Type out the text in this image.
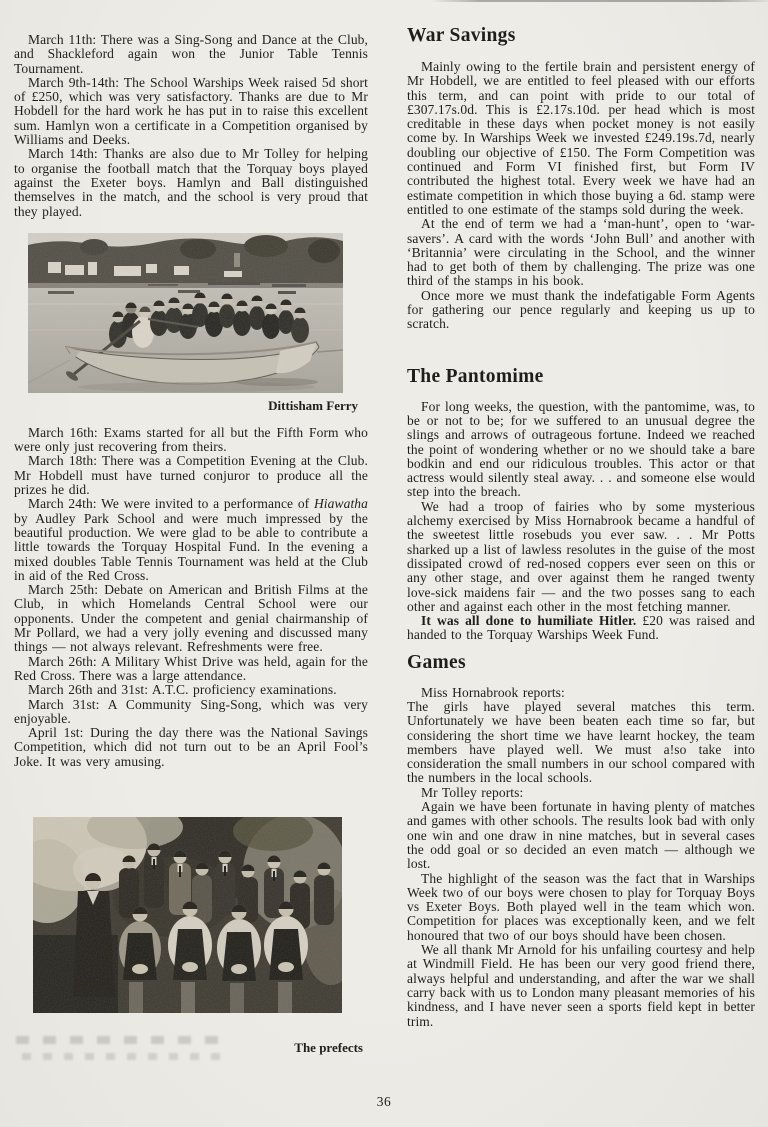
March 11th: There was a Sing-Song and Dance at the Club, and Shackleford again won the Junior Table Tennis Tournament.

March 9th-14th: The School Warships Week raised 5d short of £250, which was very satisfactory. Thanks are due to Mr Hobdell for the hard work he has put in to raise this excellent sum. Hamlyn won a certificate in a Competition organised by Williams and Deeks.

March 14th: Thanks are also due to Mr Tolley for helping to organise the football match that the Torquay boys played against the Exeter boys. Hamlyn and Ball distinguished themselves in the match, and the school is very proud that they played.

Dittisham Ferry

March 16th: Exams started for all but the Fifth Form who were only just recovering from theirs.

March 18th: There was a Competition Evening at the Club. Mr Hobdell must have turned conjuror to produce all the prizes he did.

March 24th: We were invited to a performance of Hiawatha by Audley Park School and were much impressed by the beautiful production. We were glad to be able to contribute a little towards the Torquay Hospital Fund. In the evening a mixed doubles Table Tennis Tournament was held at the Club in aid of the Red Cross.

March 25th: Debate on American and British Films at the Club, in which Homelands Central School were our opponents. Under the competent and genial chairmanship of Mr Pollard, we had a very jolly evening and discussed many things — not always relevant. Refreshments were free.

March 26th: A Military Whist Drive was held, again for the Red Cross. There was a large attendance.

March 26th and 31st: A.T.C. proficiency examinations.

March 31st: A Community Sing-Song, which was very enjoyable.

April 1st: During the day there was the National Savings Competition, which did not turn out to be an April Fool’s Joke. It was very amusing.

The prefects
War Savings

Mainly owing to the fertile brain and persistent energy of Mr Hobdell, we are entitled to feel pleased with our efforts this term, and can point with pride to our total of £307.17s.0d. This is £2.17s.10d. per head which is most creditable in these days when pocket money is not easily come by. In Warships Week we invested £249.19s.7d, nearly doubling our objective of £150. The Form Competition was continued and Form VI finished first, but Form IV contributed the highest total. Every week we have had an estimate competition in which those buying a 6d. stamp were entitled to one estimate of the stamps sold during the week.

At the end of term we had a ‘man-hunt’, open to ‘war-savers’. A card with the words ‘John Bull’ and another with ‘Britannia’ were circulating in the School, and the winner had to get both of them by challenging. The prize was one third of the stamps in his book.

Once more we must thank the indefatigable Form Agents for gathering our pence regularly and keeping us up to scratch.

The Pantomime

For long weeks, the question, with the pantomime, was, to be or not to be; for we suffered to an unusual degree the slings and arrows of outrageous fortune. Indeed we reached the point of wondering whether or no we should take a bare bodkin and end our ridiculous troubles. This actor or that actress would silently steal away. . . and someone else would step into the breach.

We had a troop of fairies who by some mysterious alchemy exercised by Miss Hornabrook became a handful of the sweetest little rosebuds you ever saw. . . Mr Potts sharked up a list of lawless resolutes in the guise of the most dissipated crowd of red-nosed coppers ever seen on this or any other stage, and over against them he ranged twenty love-sick maidens fair — and the two posses sang to each other and against each other in the most fetching manner.

It was all done to humiliate Hitler. £20 was raised and handed to the Torquay Warships Week Fund.

Games

Miss Hornabrook reports:

The girls have played several matches this term. Unfortunately we have been beaten each time so far, but considering the short time we have learnt hockey, the team members have played well. We must a!so take into consideration the small numbers in our school compared with the numbers in the local schools.

Mr Tolley reports:

Again we have been fortunate in having plenty of matches and games with other schools. The results look bad with only one win and one draw in nine matches, but in several cases the odd goal or so decided an even match — although we lost.

The highlight of the season was the fact that in Warships Week two of our boys were chosen to play for Torquay Boys vs Exeter Boys. Both played well in the team which won. Competition for places was exceptionally keen, and we felt honoured that two of our boys should have been chosen.

We all thank Mr Arnold for his unfailing courtesy and help at Windmill Field. He has been our very good friend there, always helpful and understanding, and after the war we shall carry back with us to London many pleasant memories of his kindness, and I have never seen a sports field kept in better trim.

36
